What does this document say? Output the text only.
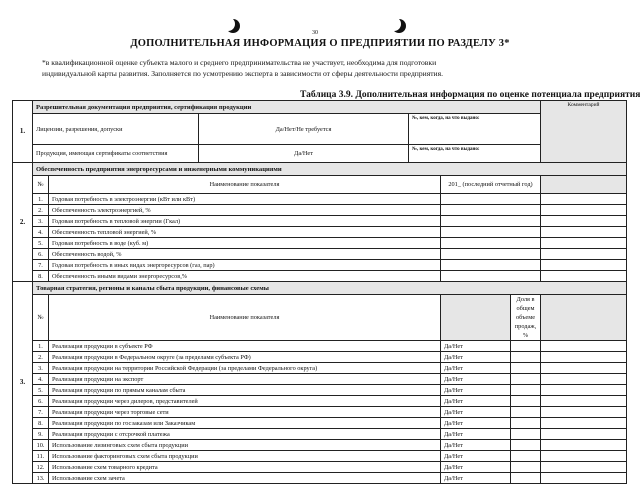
30
ДОПОЛНИТЕЛЬНАЯ ИНФОРМАЦИЯ О ПРЕДПРИЯТИИ ПО РАЗДЕЛУ 3*
*в квалификационной оценке субъекта малого и среднего предпринимательства не участвует, необходима для подготовки
индивидуальной карты развития. Заполняется по усмотрению эксперта в зависимости от сферы деятельности предприятия.
Таблица 3.9. Дополнительная информация по оценке потенциала предприятия
1.	Разрешительная документация предприятия, сертификация продукции						Комментарий
	Лицензии, разрешения, допуски		Да/Нет/Не требуется	№, кем, когда, на что выдано:			
	Продукция, имеющая сертификаты соответствия		Да/Нет	№, кем, когда, на что выдано:			
2.	Обеспеченность предприятия энергоресурсами и инженерными коммуникациями						
	№	Наименование показателя			201_ (последний отчетный год)		
	1.	Годовая потребность в электроэнергии (кВт или кВт)					
	2.	Обеспеченность электроэнергией, %					
	3.	Годовая потребность в тепловой энергии (Гкал)					
	4.	Обеспеченность тепловой энергией, %					
	5.	Годовая потребность в воде (куб. м)					
	6.	Обеспеченность водой, %					
	7.	Годовая потребность в иных видах энергоресурсов (газ, пар)					
	8.	Обеспеченность иными видами энергоресурсов,%					
3.	Товарная стратегия, регионы и каналы сбыта продукции, финансовые схемы						
	№	Наименование показателя				Доля в общем объеме продаж, %	
	1.	Реализация продукции в субъекте РФ			Да/Нет		
	2.	Реализация продукции в Федеральном округе (за пределами субъекта РФ)			Да/Нет		
	3.	Реализация продукции на территории Российской Федерации (за пределами Федерального округа)			Да/Нет		
	4.	Реализация продукции на экспорт			Да/Нет		
	5.	Реализация продукции по прямым каналам сбыта			Да/Нет		
	6.	Реализация продукции через дилеров, представителей			Да/Нет		
	7.	Реализация продукции через торговые сети			Да/Нет		
	8.	Реализация продукции по госзаказам или Заказчикам			Да/Нет		
	9.	Реализация продукции с отсрочкой платежа			Да/Нет		
	10.	Использование лизинговых схем сбыта продукции			Да/Нет		
	11.	Использование факторинговых схем сбыта продукции			Да/Нет		
	12.	Использование схем товарного кредита			Да/Нет		
	13.	Использование схем зачета			Да/Нет		
